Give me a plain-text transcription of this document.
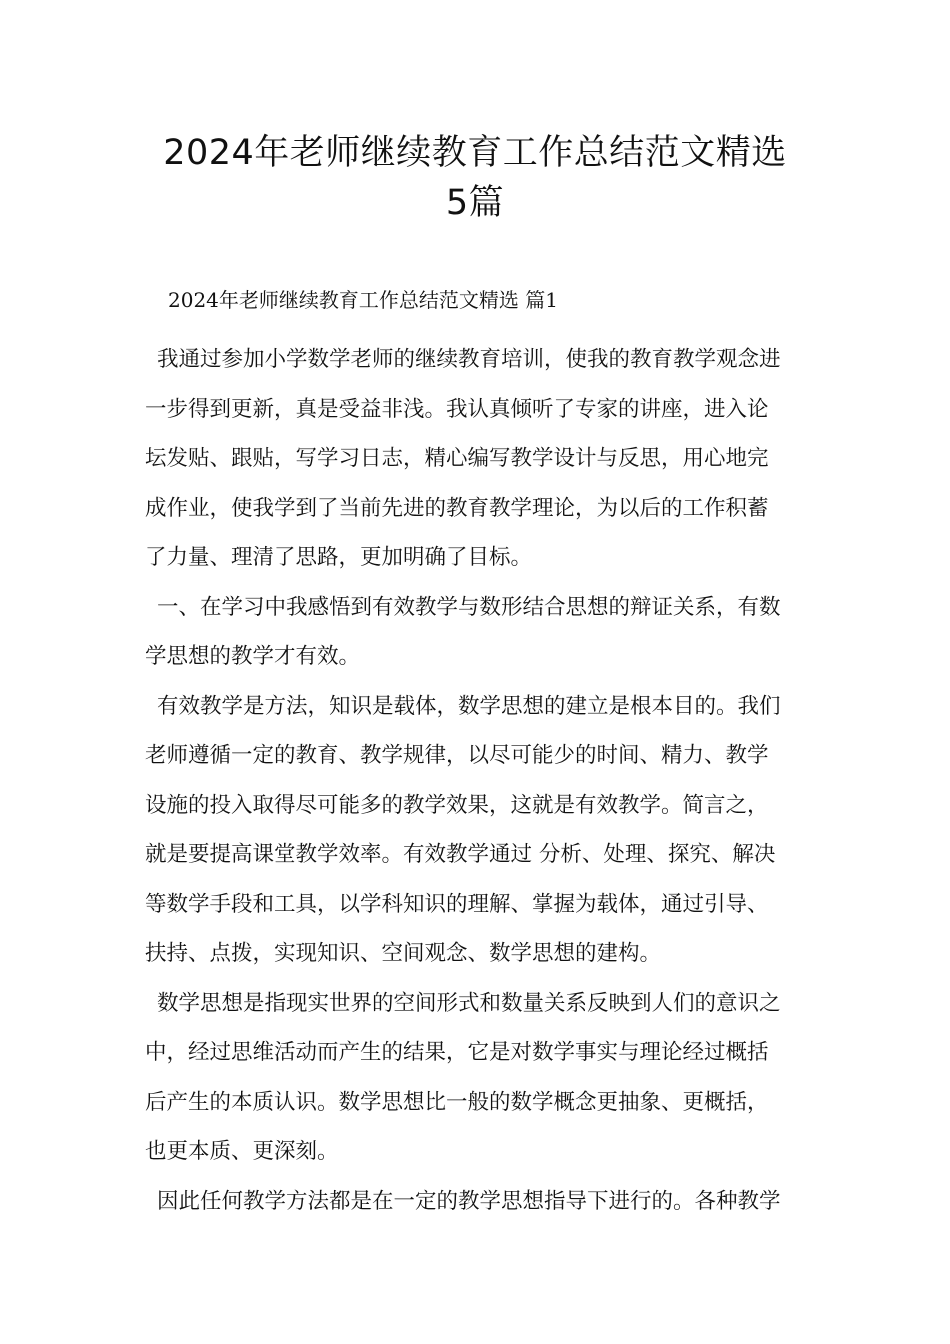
2024年老师继续教育工作总结范文精选
5篇

2024年老师继续教育工作总结范文精选 篇1

我通过参加小学数学老师的继续教育培训，使我的教育教学观念进
一步得到更新，真是受益非浅。我认真倾听了专家的讲座，进入论
坛发贴、跟贴，写学习日志，精心编写教学设计与反思，用心地完
成作业，使我学到了当前先进的教育教学理论，为以后的工作积蓄
了力量、理清了思路，更加明确了目标。
一、在学习中我感悟到有效教学与数形结合思想的辩证关系，有数
学思想的教学才有效。
有效教学是方法，知识是载体，数学思想的建立是根本目的。我们
老师遵循一定的教育、教学规律，以尽可能少的时间、精力、教学
设施的投入取得尽可能多的教学效果，这就是有效教学。简言之，
就是要提高课堂教学效率。有效教学通过 分析、处理、探究、解决
等数学手段和工具，以学科知识的理解、掌握为载体，通过引导、
扶持、点拨，实现知识、空间观念、数学思想的建构。
数学思想是指现实世界的空间形式和数量关系反映到人们的意识之
中，经过思维活动而产生的结果，它是对数学事实与理论经过概括
后产生的本质认识。数学思想比一般的数学概念更抽象、更概括，
也更本质、更深刻。
因此任何教学方法都是在一定的教学思想指导下进行的。各种教学
